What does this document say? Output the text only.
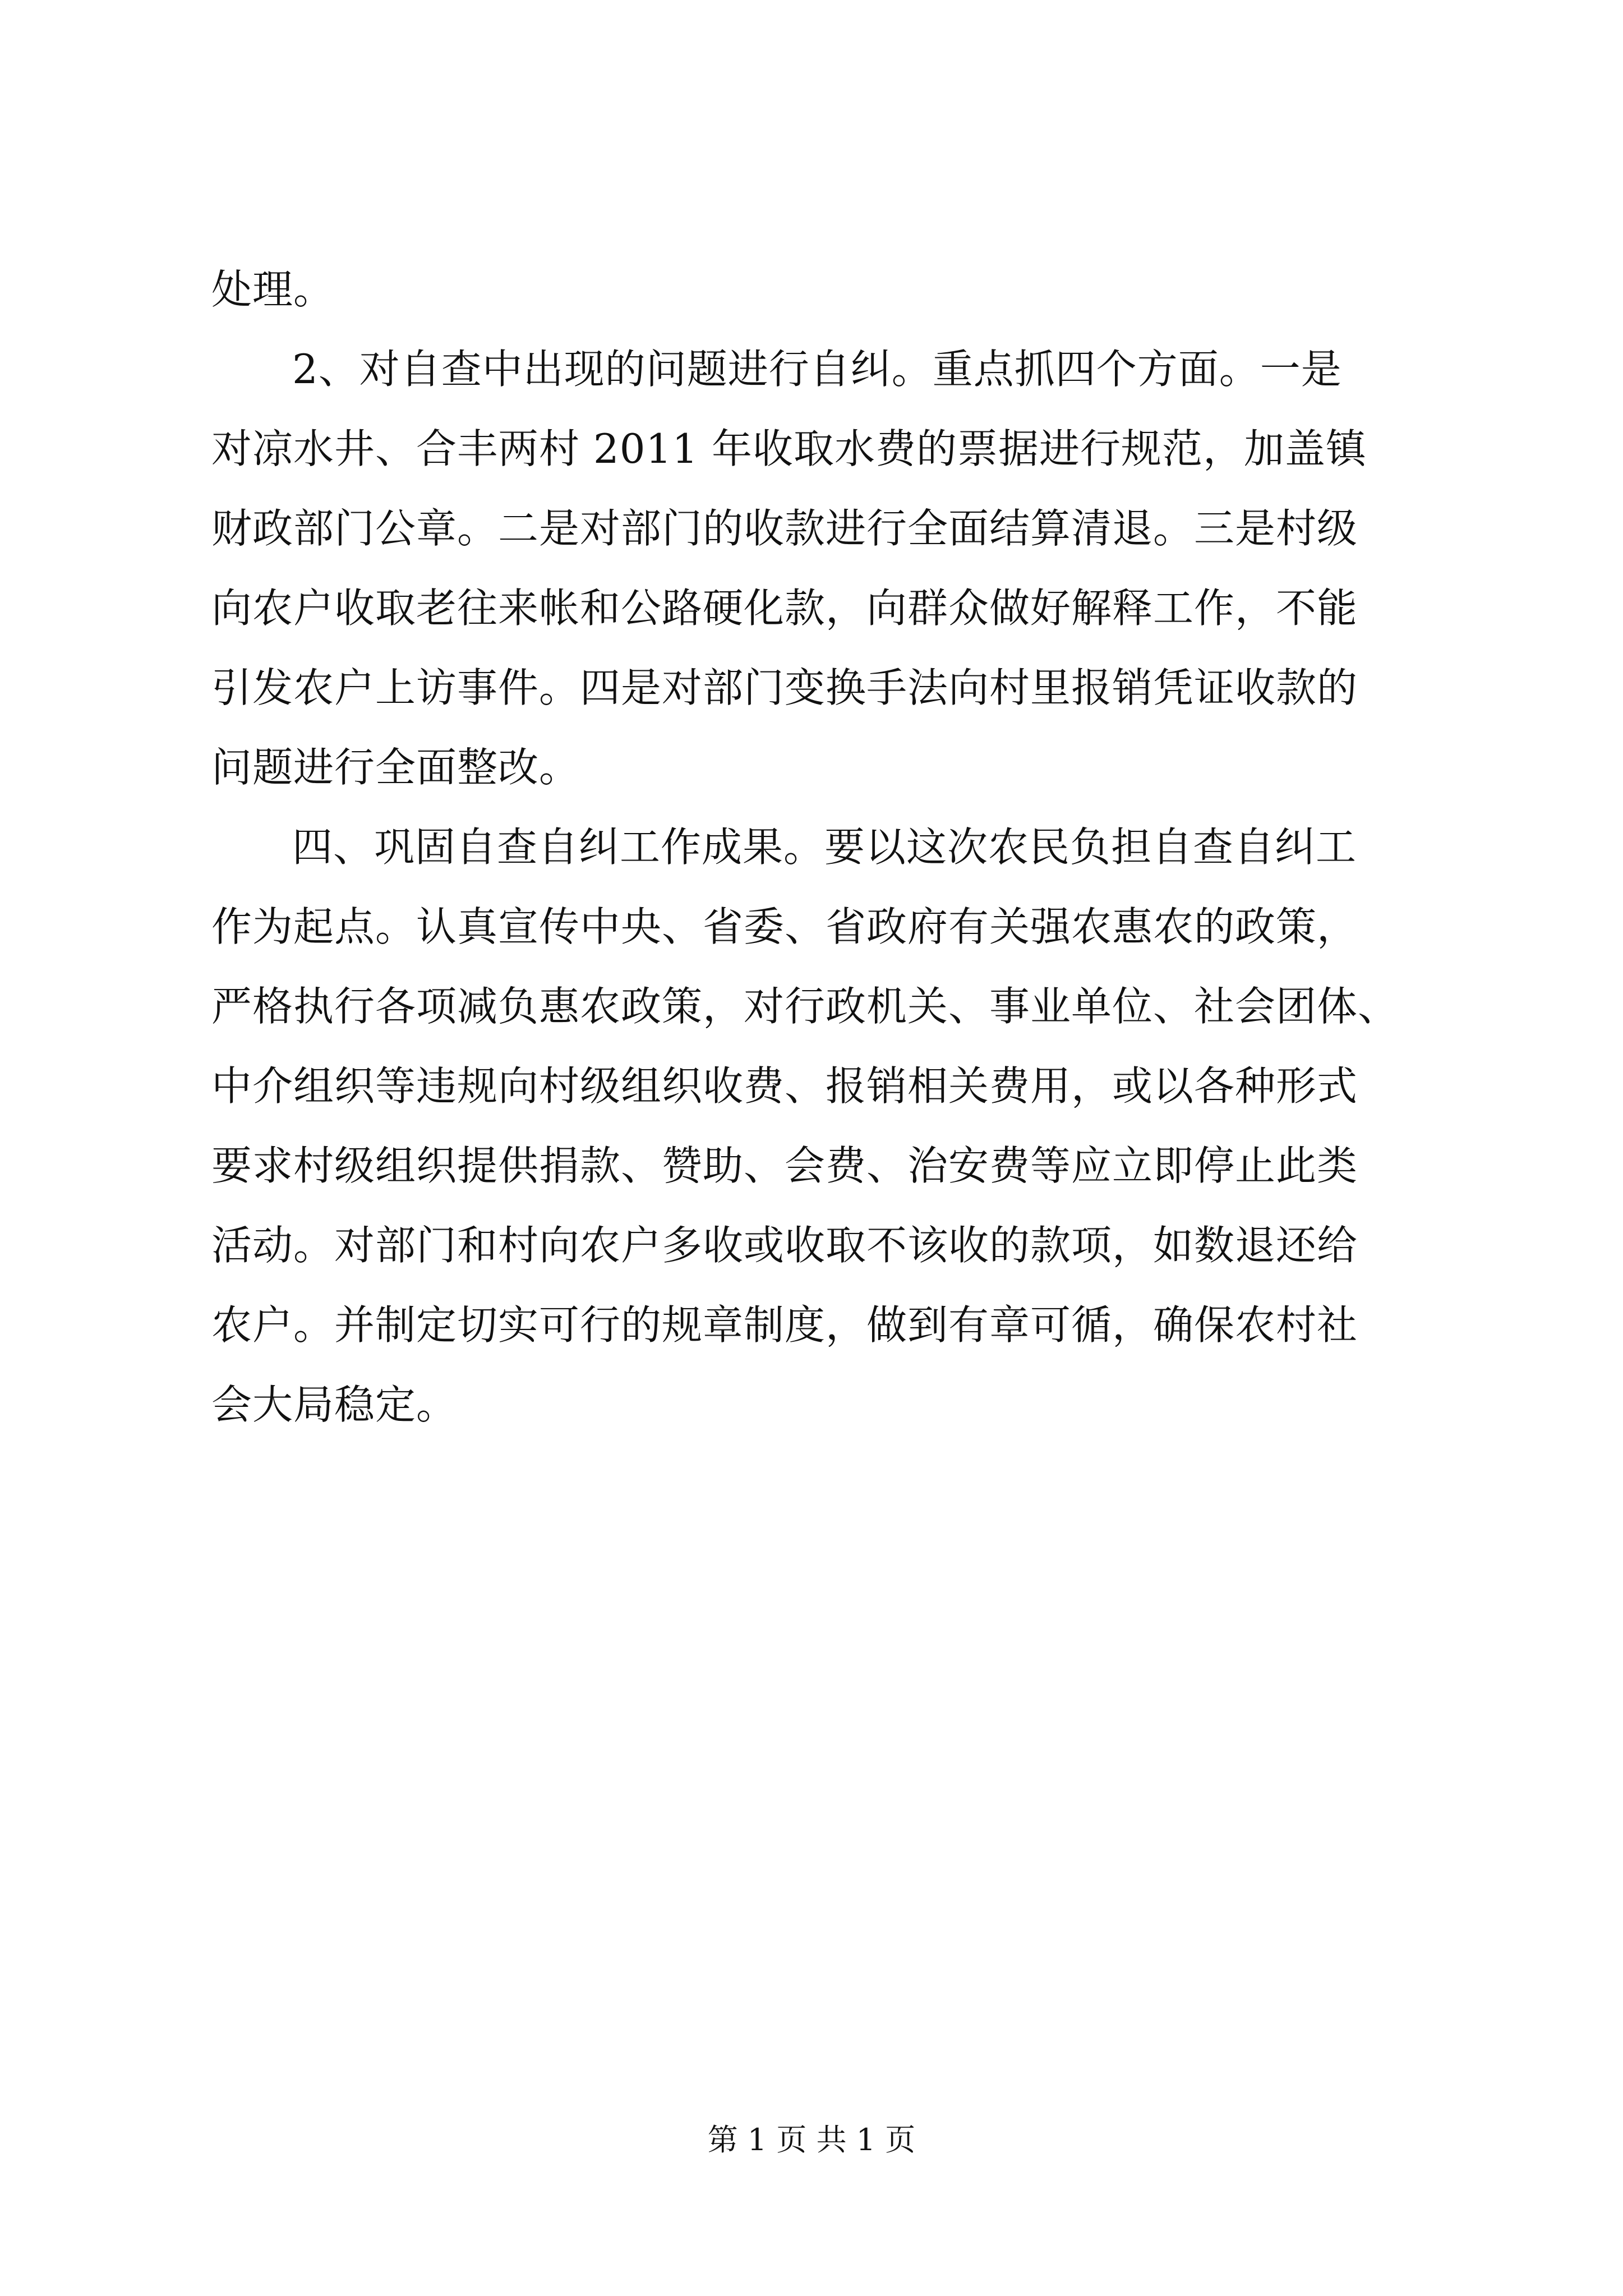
处理。
2、对自查中出现的问题进行自纠。重点抓四个方面。一是
对凉水井、合丰两村 2011 年收取水费的票据进行规范，加盖镇
财政部门公章。二是对部门的收款进行全面结算清退。三是村级
向农户收取老往来帐和公路硬化款，向群众做好解释工作，不能
引发农户上访事件。四是对部门变换手法向村里报销凭证收款的
问题进行全面整改。
四、巩固自查自纠工作成果。要以这次农民负担自查自纠工
作为起点。认真宣传中央、省委、省政府有关强农惠农的政策，
严格执行各项减负惠农政策，对行政机关、事业单位、社会团体、
中介组织等违规向村级组织收费、报销相关费用，或以各种形式
要求村级组织提供捐款、赞助、会费、治安费等应立即停止此类
活动。对部门和村向农户多收或收取不该收的款项，如数退还给
农户。并制定切实可行的规章制度，做到有章可循，确保农村社
会大局稳定。
第 1 页 共 1 页
